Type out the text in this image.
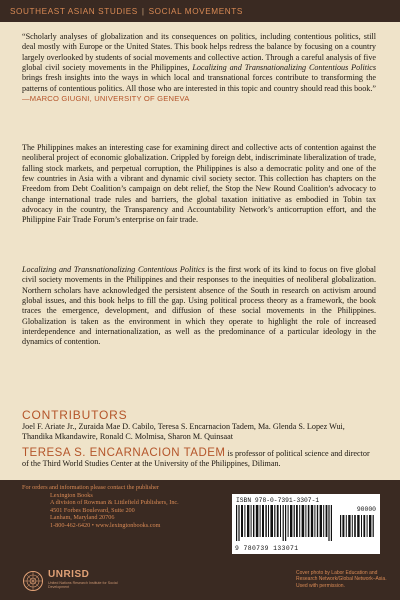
SOUTHEAST ASIAN STUDIES | SOCIAL MOVEMENTS
“Scholarly analyses of globalization and its consequences on politics, including contentious politics, still deal mostly with Europe or the United States. This book helps redress the balance by focusing on a country largely overlooked by students of social movements and collective action. Through a careful analysis of five global civil society movements in the Philippines, Localizing and Transnationalizing Contentious Politics brings fresh insights into the ways in which local and transnational forces contribute to transforming the patterns of contentious politics. All those who are interested in this topic and country should read this book.” —MARCO GIUGNI, UNIVERSITY OF GENEVA

The Philippines makes an interesting case for examining direct and collective acts of contention against the neoliberal project of economic globalization. Crippled by foreign debt, indiscriminate liberalization of trade, falling stock markets, and perpetual corruption, the Philippines is also a democratic polity and one of the few countries in Asia with a vibrant and dynamic civil society sector. This collection has chapters on the Freedom from Debt Coalition’s campaign on debt relief, the Stop the New Round Coalition’s advocacy to change international trade rules and barriers, the global taxation initiative as embodied in Tobin tax advocacy in the country, the Transparency and Accountability Network’s anticorruption effort, and the Philippine Fair Trade Forum’s enterprise on fair trade.

Localizing and Transnationalizing Contentious Politics is the first work of its kind to focus on five global civil society movements in the Philippines and their responses to the inequities of neoliberal globalization. Northern scholars have acknowledged the persistent absence of the South in research on activism around global issues, and this book helps to fill the gap. Using political process theory as a framework, the book traces the emergence, development, and diffusion of these social movements in the Philippines. Globalization is taken as the environment in which they operate to highlight the role of increased interdependence and internationalization, as well as the predominance of a particular ideology in the dynamics of contention.

CONTRIBUTORS
Joel F. Ariate Jr., Zuraida Mae D. Cabilo, Teresa S. Encarnacion Tadem, Ma. Glenda S. Lopez Wui, Thandika Mkandawire, Ronald C. Molmisa, Sharon M. Quinsaat
TERESA S. ENCARNACION TADEM is professor of political science and director of the Third World Studies Center at the University of the Philippines, Diliman.
For orders and information please contact the publisher
Lexington Books
A division of Rowman & Littlefield Publishers, Inc.
4501 Forbes Boulevard, Suite 200
Lanham, Maryland 20706
1-800-462-6420 • www.lexingtonbooks.com
ISBN 978-0-7391-3307-1
90000
9 780739 133071
UNRISD
United Nations Research Institute for Social Development
Cover photo by Labor Education and Research Network/Global Network–Asia. Used with permission.
